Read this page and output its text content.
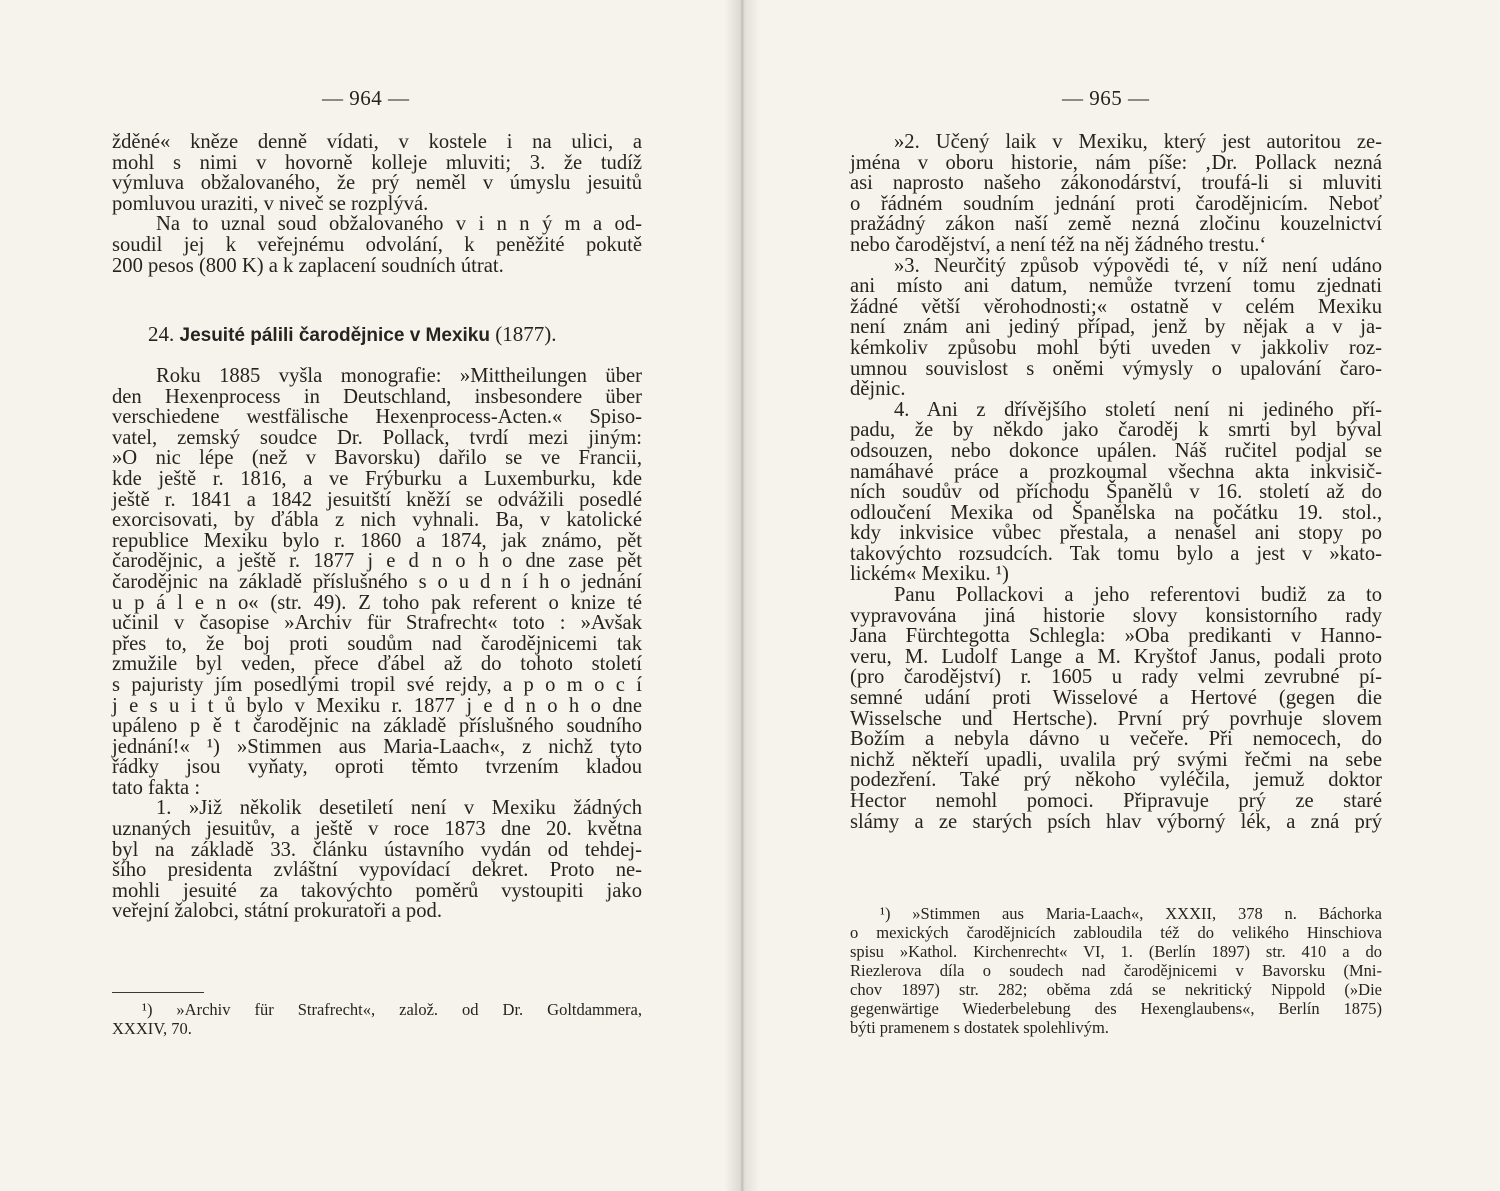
— 964 —
žděné« kněze denně vídati, v kostele i na ulici, a
mohl s nimi v hovorně kolleje mluviti; 3. že tudíž
výmluva obžalovaného, že prý neměl v úmyslu jesuitů
pomluvou uraziti, v niveč se rozplývá.
Na to uznal soud obžalovaného v i n n ý m a od-
soudil jej k veřejnému odvolání, k peněžité pokutě
200 pesos (800 K) a k zaplacení soudních útrat.
24. Jesuité pálili čarodějnice v Mexiku (1877).
Roku 1885 vyšla monografie: »Mittheilungen über
den Hexenprocess in Deutschland, insbesondere über
verschiedene westfälische Hexenprocess-Acten.« Spiso-
vatel, zemský soudce Dr. Pollack, tvrdí mezi jiným:
»O nic lépe (než v Bavorsku) dařilo se ve Francii,
kde ještě r. 1816, a ve Frýburku a Luxemburku, kde
ještě r. 1841 a 1842 jesuitští kněží se odvážili posedlé
exorcisovati, by ďábla z nich vyhnali. Ba, v katolické
republice Mexiku bylo r. 1860 a 1874, jak známo, pět
čarodějnic, a ještě r. 1877 j e d n o h o dne zase pět
čarodějnic na základě příslušného s o u d n í h o jednání
u p á l e n o« (str. 49). Z toho pak referent o knize té
učinil v časopise »Archiv für Strafrecht« toto : »Avšak
přes to, že boj proti soudům nad čarodějnicemi tak
zmužile byl veden, přece ďábel až do tohoto století
s pajuristy jím posedlými tropil své rejdy, a p o m o c í
j e s u i t ů bylo v Mexiku r. 1877 j e d n o h o dne
upáleno p ě t čarodějnic na základě příslušného soudního
jednání!« ¹) »Stimmen aus Maria-Laach«, z nichž tyto
řádky jsou vyňaty, oproti těmto tvrzením kladou
tato fakta :
1. »Již několik desetiletí není v Mexiku žádných
uznaných jesuitův, a ještě v roce 1873 dne 20. května
byl na základě 33. článku ústavního vydán od tehdej-
šího presidenta zvláštní vypovídací dekret. Proto ne-
mohli jesuité za takovýchto poměrů vystoupiti jako
veřejní žalobci, státní prokuratoři a pod.
¹) »Archiv für Strafrecht«, založ. od Dr. Goltdammera,
XXXIV, 70.
— 965 —
»2. Učený laik v Mexiku, který jest autoritou ze-
jména v oboru historie, nám píše: ‚Dr. Pollack nezná
asi naprosto našeho zákonodárství, troufá-li si mluviti
o řádném soudním jednání proti čarodějnicím. Neboť
pražádný zákon naší země nezná zločinu kouzelnictví
nebo čarodějství, a není též na něj žádného trestu.‘
»3. Neurčitý způsob výpovědi té, v níž není udáno
ani místo ani datum, nemůže tvrzení tomu zjednati
žádné větší věrohodnosti;« ostatně v celém Mexiku
není znám ani jediný případ, jenž by nějak a v ja-
kémkoliv způsobu mohl býti uveden v jakkoliv roz-
umnou souvislost s oněmi výmysly o upalování čaro-
dějnic.
4. Ani z dřívějšího století není ni jediného pří-
padu, že by někdo jako čaroděj k smrti byl býval
odsouzen, nebo dokonce upálen. Náš ručitel podjal se
namáhavé práce a prozkoumal všechna akta inkvisič-
ních soudův od příchodu Španělů v 16. století až do
odloučení Mexika od Španělska na počátku 19. stol.,
kdy inkvisice vůbec přestala, a nenašel ani stopy po
takovýchto rozsudcích. Tak tomu bylo a jest v »kato-
lickém« Mexiku. ¹)
Panu Pollackovi a jeho referentovi budiž za to
vypravována jiná historie slovy konsistorního rady
Jana Fürchtegotta Schlegla: »Oba predikanti v Hanno-
veru, M. Ludolf Lange a M. Kryštof Janus, podali proto
(pro čarodějství) r. 1605 u rady velmi zevrubné pí-
semné udání proti Wisselové a Hertové (gegen die
Wisselsche und Hertsche). První prý povrhuje slovem
Božím a nebyla dávno u večeře. Při nemocech, do
nichž někteří upadli, uvalila prý svými řečmi na sebe
podezření. Také prý někoho vyléčila, jemuž doktor
Hector nemohl pomoci. Připravuje prý ze staré
slámy a ze starých psích hlav výborný lék, a zná prý
¹) »Stimmen aus Maria-Laach«, XXXII, 378 n. Báchorka
o mexických čarodějnicích zabloudila též do velikého Hinschiova
spisu »Kathol. Kirchenrecht« VI, 1. (Berlín 1897) str. 410 a do
Riezlerova díla o soudech nad čarodějnicemi v Bavorsku (Mni-
chov 1897) str. 282; oběma zdá se nekritický Nippold (»Die
gegenwärtige Wiederbelebung des Hexenglaubens«, Berlín 1875)
býti pramenem s dostatek spolehlivým.
